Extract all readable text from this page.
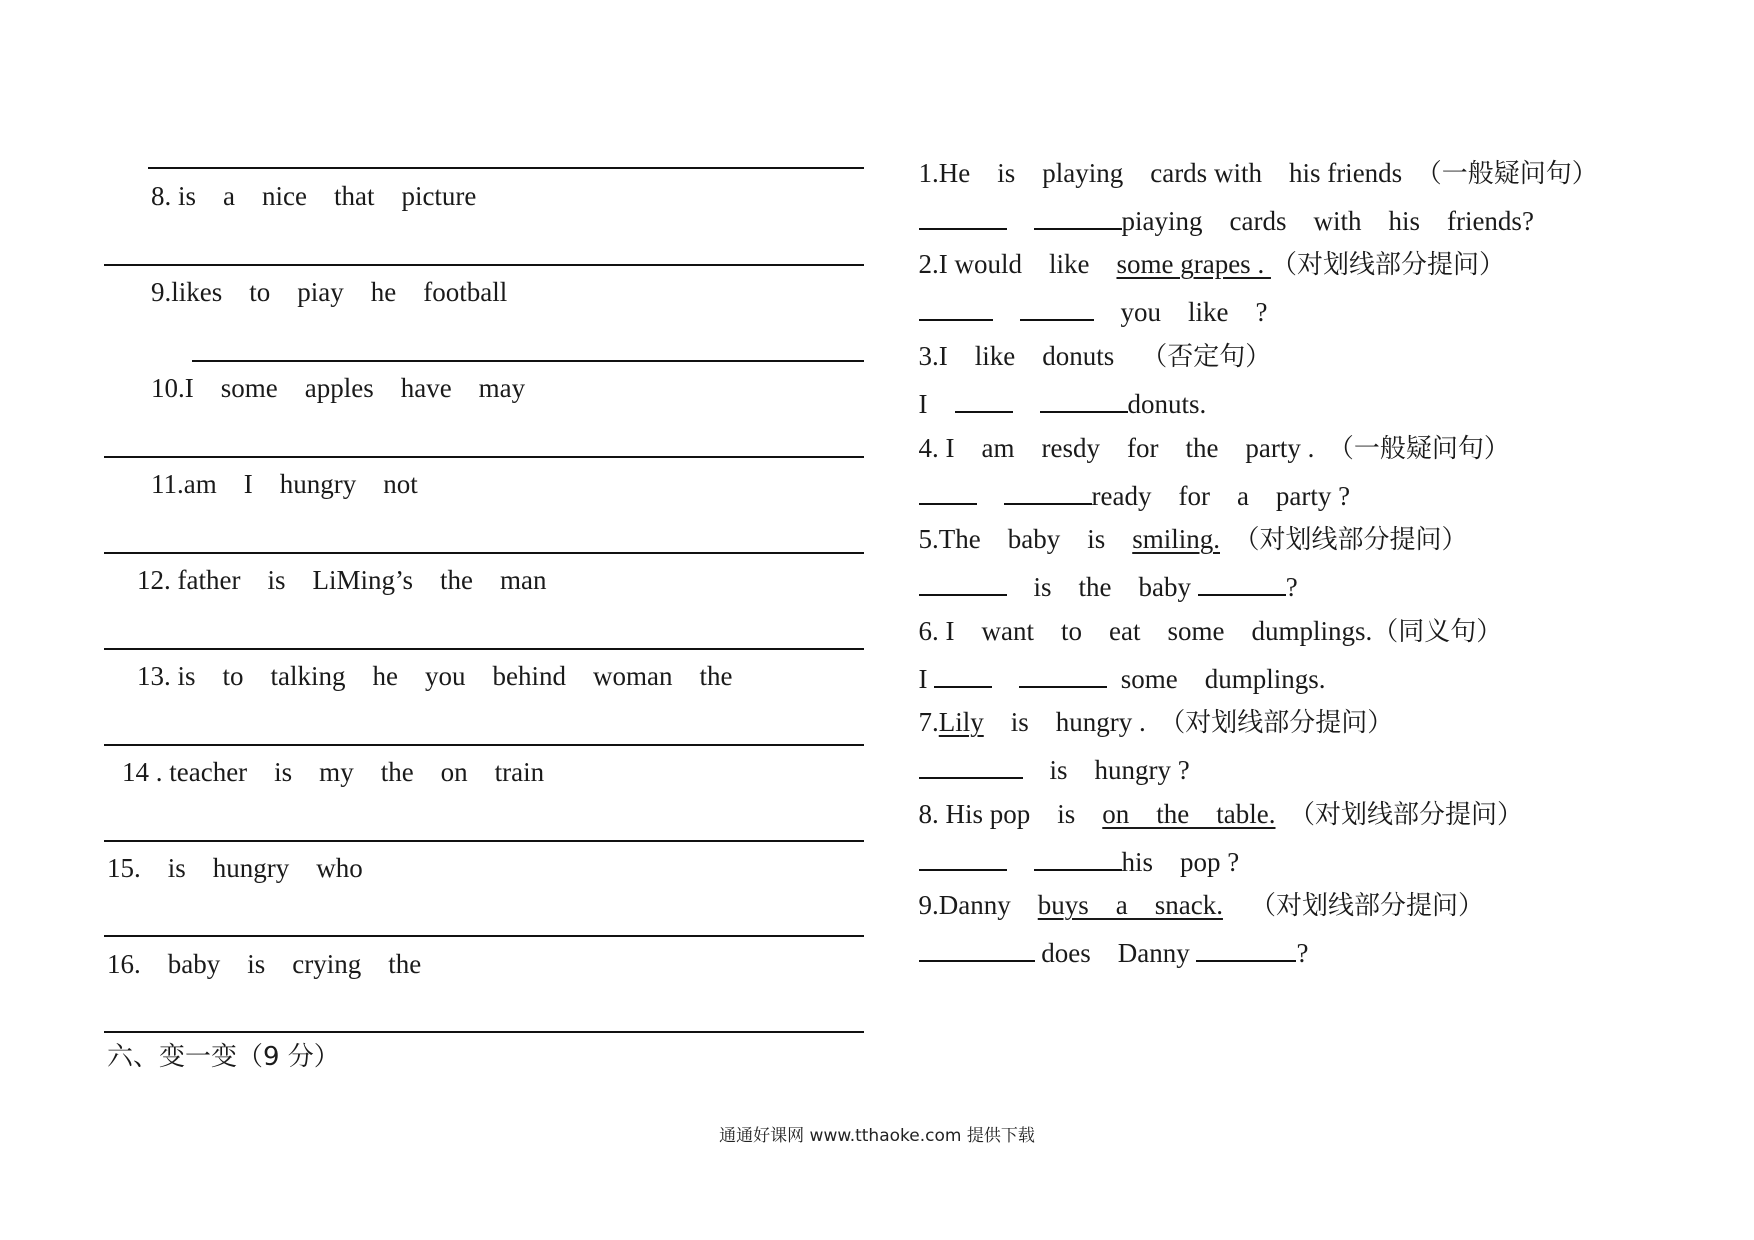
8. is    a    nice    that    picture
9.likes    to    piay    he    football
10.I    some    apples    have    may
11.am    I    hungry    not
12. father    is    LiMing’s    the    man
13. is    to    talking    he    you    behind    woman    the
14 . teacher    is    my    the    on    train
15.    is    hungry    who
16.    baby    is    crying    the
六、变一变（9 分）

1.He    is    playing    cards with    his friends  （一般疑问句）

piaying    cards    with    his    friends?

2.I would    like    some grapes . （对划线部分提问）

you    like    ?

3.I    like    donuts    （否定句）

I	donuts.

4. I    am    resdy    for    the    party .  （一般疑问句）

ready    for    a    party ?

5.The    baby    is    smiling. （对划线部分提问）

is    the    baby	?

6. I    want    to    eat    some    dumplings.（同义句）

I	some    dumplings.

7.Lily    is    hungry .  （对划线部分提问）

is    hungry ?

8. His pop    is    on    the    table. （对划线部分提问）

his    pop ?

9.Danny    buys    a    snack. （对划线部分提问）

does    Danny	?

通通好课网 www.tthaoke.com 提供下载
